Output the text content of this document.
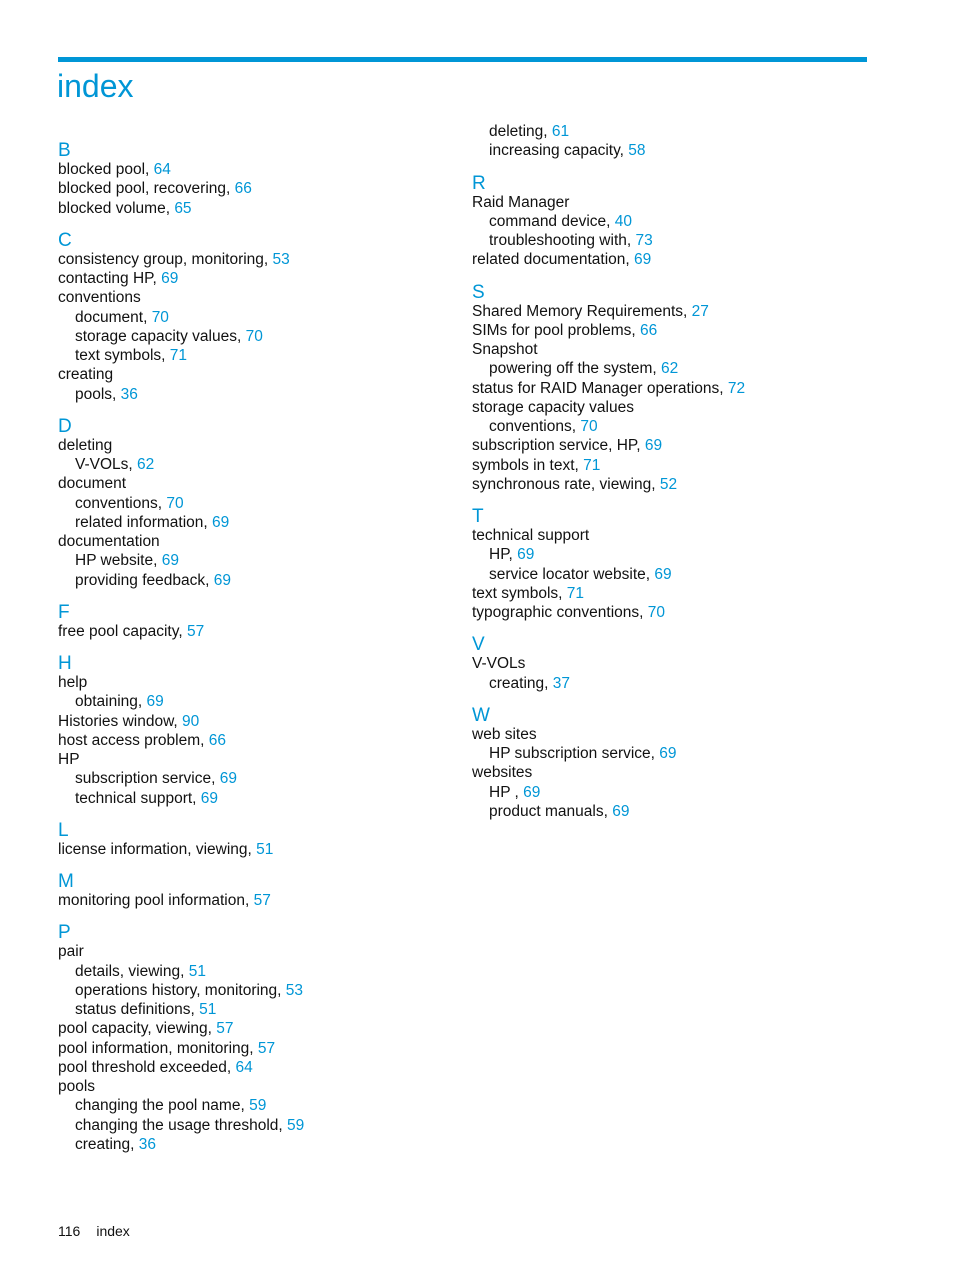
index
B
blocked pool, 64
blocked pool, recovering, 66
blocked volume, 65
C
consistency group, monitoring, 53
contacting HP, 69
conventions
document, 70
storage capacity values, 70
text symbols, 71
creating
pools, 36
D
deleting
V-VOLs, 62
document
conventions, 70
related information, 69
documentation
HP website, 69
providing feedback, 69
F
free pool capacity, 57
H
help
obtaining, 69
Histories window, 90
host access problem, 66
HP
subscription service, 69
technical support, 69
L
license information, viewing, 51
M
monitoring pool information, 57
P
pair
details, viewing, 51
operations history, monitoring, 53
status definitions, 51
pool capacity, viewing, 57
pool information, monitoring, 57
pool threshold exceeded, 64
pools
changing the pool name, 59
changing the usage threshold, 59
creating, 36
deleting, 61
increasing capacity, 58
R
Raid Manager
command device, 40
troubleshooting with, 73
related documentation, 69
S
Shared Memory Requirements, 27
SIMs for pool problems, 66
Snapshot
powering off the system, 62
status for RAID Manager operations, 72
storage capacity values
conventions, 70
subscription service, HP, 69
symbols in text, 71
synchronous rate, viewing, 52
T
technical support
HP, 69
service locator website, 69
text symbols, 71
typographic conventions, 70
V
V-VOLs
creating, 37
W
web sites
HP subscription service, 69
websites
HP , 69
product manuals, 69
116 index
